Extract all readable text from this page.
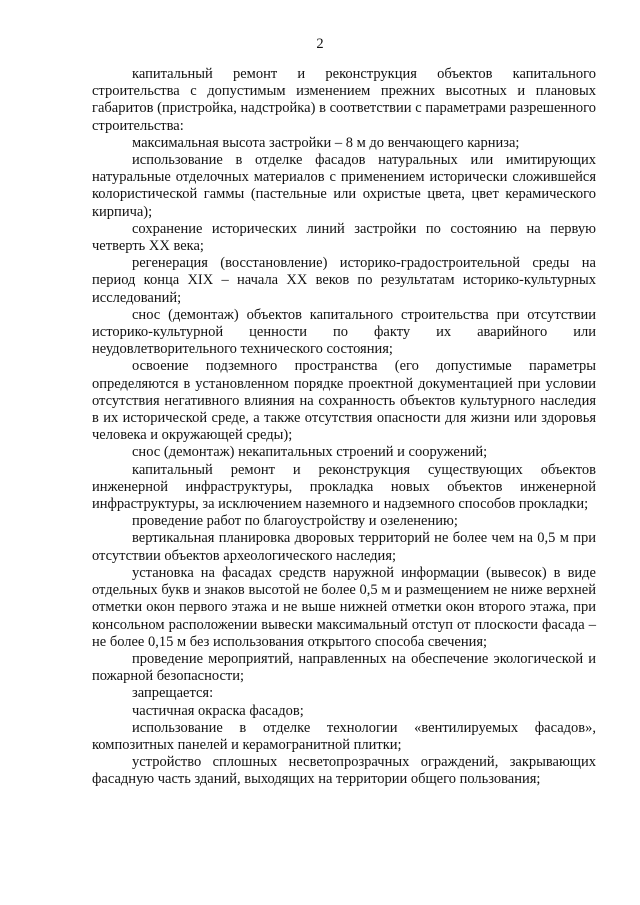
2

капитальный ремонт и реконструкция объектов капитального строительства с допустимым изменением прежних высотных и плановых габаритов (пристройка, надстройка) в соответствии с параметрами разрешенного строительства:

максимальная высота застройки – 8 м до венчающего карниза;

использование в отделке фасадов натуральных или имитирующих натуральные отделочных материалов с применением исторически сложившейся колористической гаммы (пастельные или охристые цвета, цвет керамического кирпича);

сохранение исторических линий застройки по состоянию на первую четверть XX века;

регенерация (восстановление) историко-градостроительной среды на период конца XIX – начала XX веков по результатам историко-культурных исследований;

снос (демонтаж) объектов капитального строительства при отсутствии историко-культурной ценности по факту их аварийного или неудовлетворительного технического состояния;

освоение подземного пространства (его допустимые параметры определяются в установленном порядке проектной документацией при условии отсутствия негативного влияния на сохранность объектов культурного наследия в их исторической среде, а также отсутствия опасности для жизни или здоровья человека и окружающей среды);

снос (демонтаж) некапитальных строений и сооружений;

капитальный ремонт и реконструкция существующих объектов инженерной инфраструктуры, прокладка новых объектов инженерной инфраструктуры, за исключением наземного и надземного способов прокладки;

проведение работ по благоустройству и озеленению;

вертикальная планировка дворовых территорий не более чем на 0,5 м при отсутствии объектов археологического наследия;

установка на фасадах средств наружной информации (вывесок) в виде отдельных букв и знаков высотой не более 0,5 м и размещением не ниже верхней отметки окон первого этажа и не выше нижней отметки окон второго этажа, при консольном расположении вывески максимальный отступ от плоскости фасада – не более 0,15 м без использования открытого способа свечения;

проведение мероприятий, направленных на обеспечение экологической и пожарной безопасности;

запрещается:

частичная окраска фасадов;

использование в отделке технологии «вентилируемых фасадов», композитных панелей и керамогранитной плитки;

устройство сплошных несветопрозрачных ограждений, закрывающих фасадную часть зданий, выходящих на территории общего пользования;
